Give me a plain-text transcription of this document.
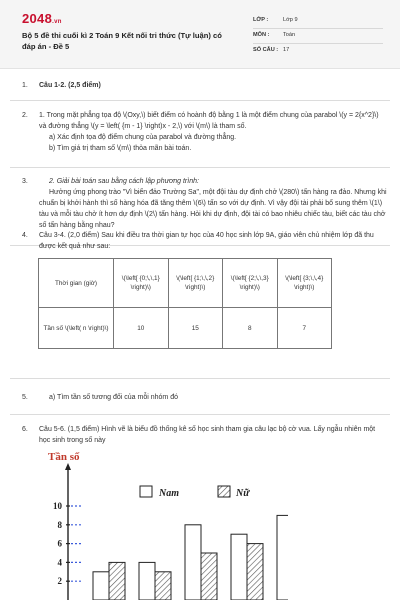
2048.vn
Bộ 5 đề thi cuối kì 2 Toán 9 Kết nối tri thức (Tự luận) có đáp án - Đề 5
LỚP :	Lớp 9
MÔN : Toán
SỐ CÂU : 17
1. Câu 1-2. (2,5 điểm)
2. 1. Trong mặt phẳng tọa độ \(Oxy,\) biết điểm có hoành độ bằng 1 là một điểm chung của parabol \(y = 2{x^2}\) và đường thẳng \(y = \left( {m - 1} \right)x - 2,\) với \(m\) là tham số.
a) Xác định tọa độ điểm chung của parabol và đường thẳng.
b) Tìm giá trị tham số \(m\) thỏa mãn bài toán.
3.	2. Giải bài toán sau bằng cách lập phương trình:
Hưởng ứng phong trào "Vì biển đảo Trường Sa", một đội tàu dự định chở \(280\) tấn hàng ra đảo. Nhưng khi chuẩn bị khởi hành thì số hàng hóa đã tăng thêm \(6\) tấn so với dự định. Vì vậy đội tài phải bổ sung thêm \(1\) tàu và mỗi tàu chở ít hơn dự định \(2\) tấn hàng. Hỏi khi dự định, đội tài có bao nhiêu chiếc tàu, biết các tàu chở số tấn hàng bằng nhau?
4. Câu 3-4. (2,0 điểm) Sau khi điều tra thời gian tự học của 40 học sinh lớp 9A, giáo viên chủ nhiệm lớp đã thu được kết quả như sau:
Thời gian (giờ)	\(\left[ {0;\,\,1} \right)\)	\(\left[ {1;\,\,2} \right)\)	\(\left[ {2;\,\,3} \right)\)	\(\left[ {3;\,\,4} \right)\)
Tần số \(\left( n \right)\)	10	15	8	7
5.	a) Tìm tần số tương đối của mỗi nhóm đó
6. Câu 5-6. (1,5 điểm) Hình vẽ là biểu đồ thống kê số học sinh tham gia câu lạc bộ cờ vua. Lấy ngẫu nhiên một học sinh trong số này
Tần số
Nam	Nữ
2
4
6
8
10
